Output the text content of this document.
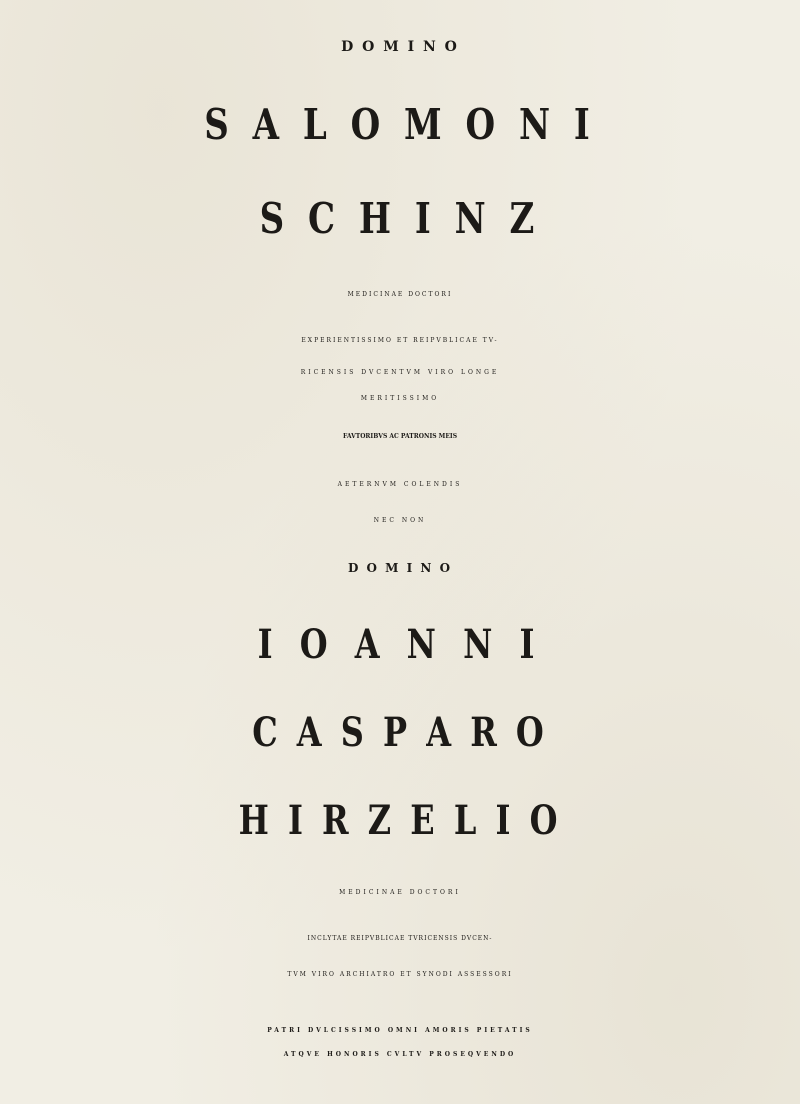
D O M I N O
S A L O M O N I
S C H I N Z
MEDICINAE DOCTORI
EXPERIENTISSIMO ET REIPVBLICAE TV-
RICENSIS DVCENTVM VIRO LONGE
MERITISSIMO
FAVTORIBVS AC PATRONIS MEIS
AETERNVM COLENDIS
NEC NON
D O M I N O
I O A N N I
C A S P A R O
H I R Z E L I O
MEDICINAE DOCTORI
INCLYTAE REIPVBLICAE TVRICENSIS DVCEN-
TVM VIRO ARCHIATRO ET SYNODI ASSESSORI
PATRI DVLCISSIMO OMNI AMORIS PIETATIS
ATQVE HONORIS CVLTV PROSEQVENDO
